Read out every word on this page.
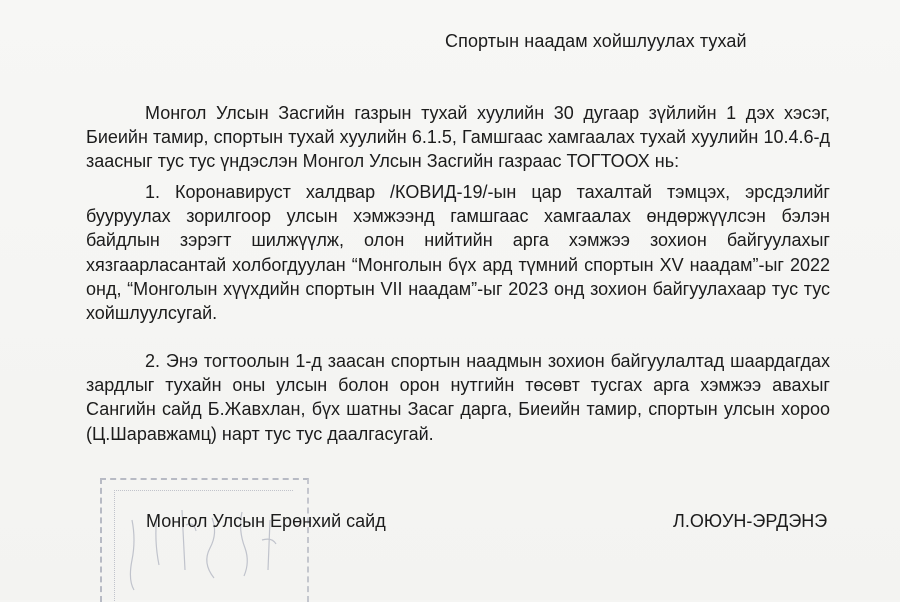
Спортын наадам хойшлуулах тухай
Монгол Улсын Засгийн газрын тухай хуулийн 30 дугаар зүйлийн 1 дэх хэсэг, Биеийн тамир, спортын тухай хуулийн 6.1.5, Гамшгаас хамгаалах тухай хуулийн 10.4.6-д заасныг тус тус үндэслэн Монгол Улсын Засгийн газраас ТОГТООХ нь:
1. Коронавируст халдвар /КОВИД-19/-ын цар тахалтай тэмцэх, эрсдэлийг бууруулах зорилгоор улсын хэмжээнд гамшгаас хамгаалах өндөржүүлсэн бэлэн байдлын зэрэгт шилжүүлж, олон нийтийн арга хэмжээ зохион байгуулахыг хязгаарласантай холбогдуулан “Монголын бүх ард түмний спортын XV наадам”-ыг 2022 онд, “Монголын хүүхдийн спортын VII наадам”-ыг 2023 онд зохион байгуулахаар тус тус хойшлуулсугай.
2. Энэ тогтоолын 1-д заасан спортын наадмын зохион байгуулалтад шаардагдах зардлыг тухайн оны улсын болон орон нутгийн төсөвт тусгах арга хэмжээ авахыг Сангийн сайд Б.Жавхлан, бүх шатны Засаг дарга, Биеийн тамир, спортын улсын хороо (Ц.Шаравжамц) нарт тус тус даалгасугай.
Монгол Улсын Ерөнхий сайд	Л.ОЮУН-ЭРДЭНЭ
